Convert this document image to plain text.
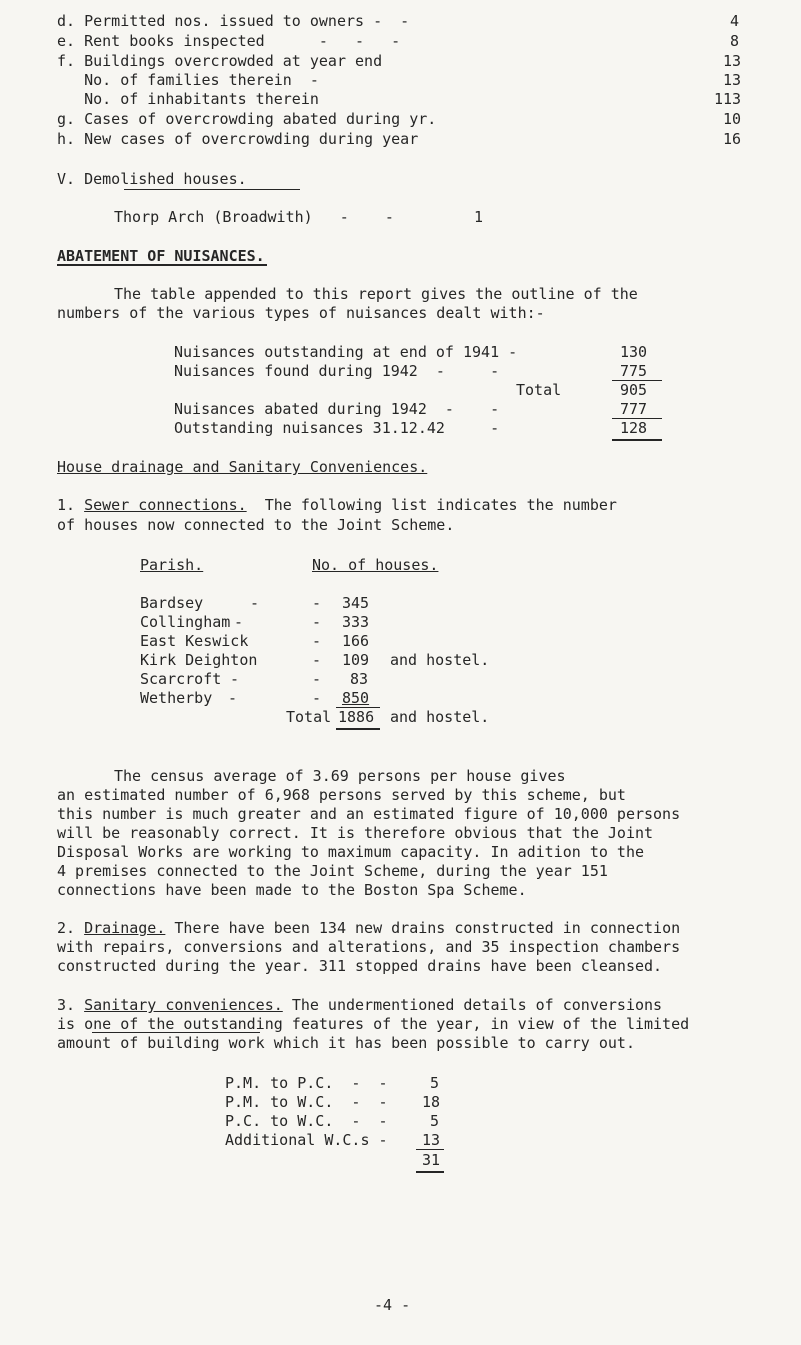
d. Permitted nos. issued to owners -  -	4
e. Rent books inspected      -   -   -	8
f. Buildings overcrowded at year end	13
No. of families therein  -	13
No. of inhabitants therein	113
g. Cases of overcrowding abated during yr.	10
h. New cases of overcrowding during year	16
V. Demolished houses.
Thorp Arch (Broadwith)   -    -	1
ABATEMENT OF NUISANCES.
The table appended to this report gives the outline of the
numbers of the various types of nuisances dealt with:-
Nuisances outstanding at end of 1941 -	130
Nuisances found during 1942  -     -	775
Total	905
Nuisances abated during 1942  -    -	777
Outstanding nuisances 31.12.42     -	128
House drainage and Sanitary Conveniences.
1. Sewer connections. The following list indicates the number
of houses now connected to the Joint Scheme.
Parish.	No. of houses.
Bardsey	-	- 345
Collingham -	- 333
East Keswick	- 166
Kirk Deighton	- 109 and hostel.
Scarcroft -	- 83
Wetherby -	- 850
Total 1886 and hostel.
The census average of 3.69 persons per house gives
an estimated number of 6,968 persons served by this scheme, but
this number is much greater and an estimated figure of 10,000 persons
will be reasonably correct. It is therefore obvious that the Joint
Disposal Works are working to maximum capacity. In adition to the
4 premises connected to the Joint Scheme, during the year 151
connections have been made to the Boston Spa Scheme.
2. Drainage. There have been 134 new drains constructed in connection
with repairs, conversions and alterations, and 35 inspection chambers
constructed during the year. 311 stopped drains have been cleansed.
3. Sanitary conveniences. The undermentioned details of conversions
is one of the outstanding features of the year, in view of the limited
amount of building work which it has been possible to carry out.
P.M. to P.C.  -  -	5
P.M. to W.C.  -  - 18
P.C. to W.C.  -  -	5
Additional W.C.s - 13
31
-4 -
